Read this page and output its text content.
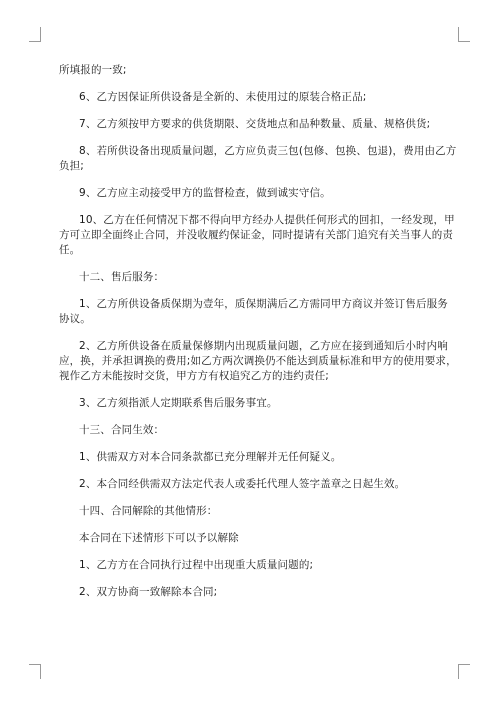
所填报的一致;
6、乙方因保证所供设备是全新的、未使用过的原装合格正品;
7、乙方须按甲方要求的供货期限、交货地点和品种数量、质量、规格供货;
8、若所供设备出现质量问题，乙方应负责三包(包修、包换、包退)，费用由乙方
负担;
9、乙方应主动接受甲方的监督检查，做到诚实守信。
10、乙方在任何情况下都不得向甲方经办人提供任何形式的回扣，一经发现，甲
方可立即全面终止合同，并没收履约保证金，同时提请有关部门追究有关当事人的责
任。
十二、售后服务：
1、乙方所供设备质保期为壹年，质保期满后乙方需同甲方商议并签订售后服务
协议。
2、乙方所供设备在质量保修期内出现质量问题，乙方应在接到通知后小时内响
应，换，并承担调换的费用;如乙方两次调换仍不能达到质量标准和甲方的使用要求，
视作乙方未能按时交货，甲方方有权追究乙方的违约责任;
3、乙方须指派人定期联系售后服务事宜。
十三、合同生效：
1、供需双方对本合同条款都已充分理解并无任何疑义。
2、本合同经供需双方法定代表人或委托代理人签字盖章之日起生效。
十四、合同解除的其他情形：
本合同在下述情形下可以予以解除
1、乙方方在合同执行过程中出现重大质量问题的;
2、双方协商一致解除本合同;
